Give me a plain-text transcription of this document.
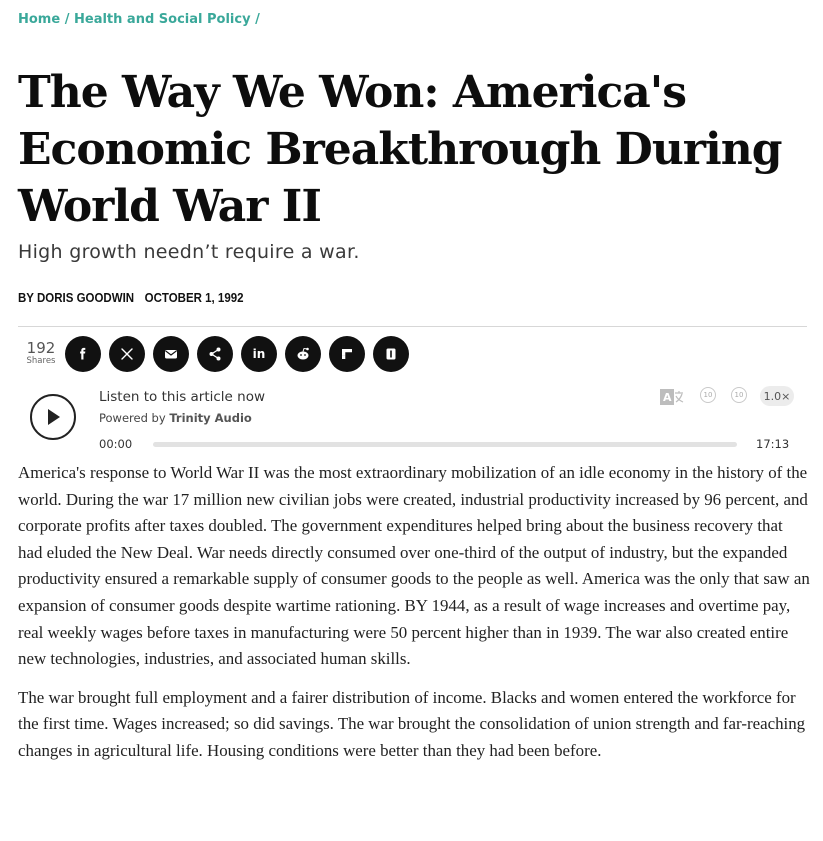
Home / Health and Social Policy /
The Way We Won: America's Economic Breakthrough During World War II

High growth needn’t require a war.

BY DORIS GOODWIN OCTOBER 1, 1992
192
Shares	in
Listen to this article now
Powered by Trinity Audio
A	10	10	1.0×
00:00	17:13

America's response to World War II was the most extraordinary mobilization of an idle economy in the history of the world. During the war 17 million new civilian jobs were created, industrial productivity increased by 96 percent, and corporate profits after taxes doubled. The government expenditures helped bring about the business recovery that had eluded the New Deal. War needs directly consumed over one-third of the output of industry, but the expanded productivity ensured a remarkable supply of consumer goods to the people as well. America was the only that saw an expansion of consumer goods despite wartime rationing. BY 1944, as a result of wage increases and overtime pay, real weekly wages before taxes in manufacturing were 50 percent higher than in 1939. The war also created entire new technologies, industries, and associated human skills.

The war brought full employment and a fairer distribution of income. Blacks and women entered the workforce for the first time. Wages increased; so did savings. The war brought the consolidation of union strength and far-reaching changes in agricultural life. Housing conditions were better than they had been before.
